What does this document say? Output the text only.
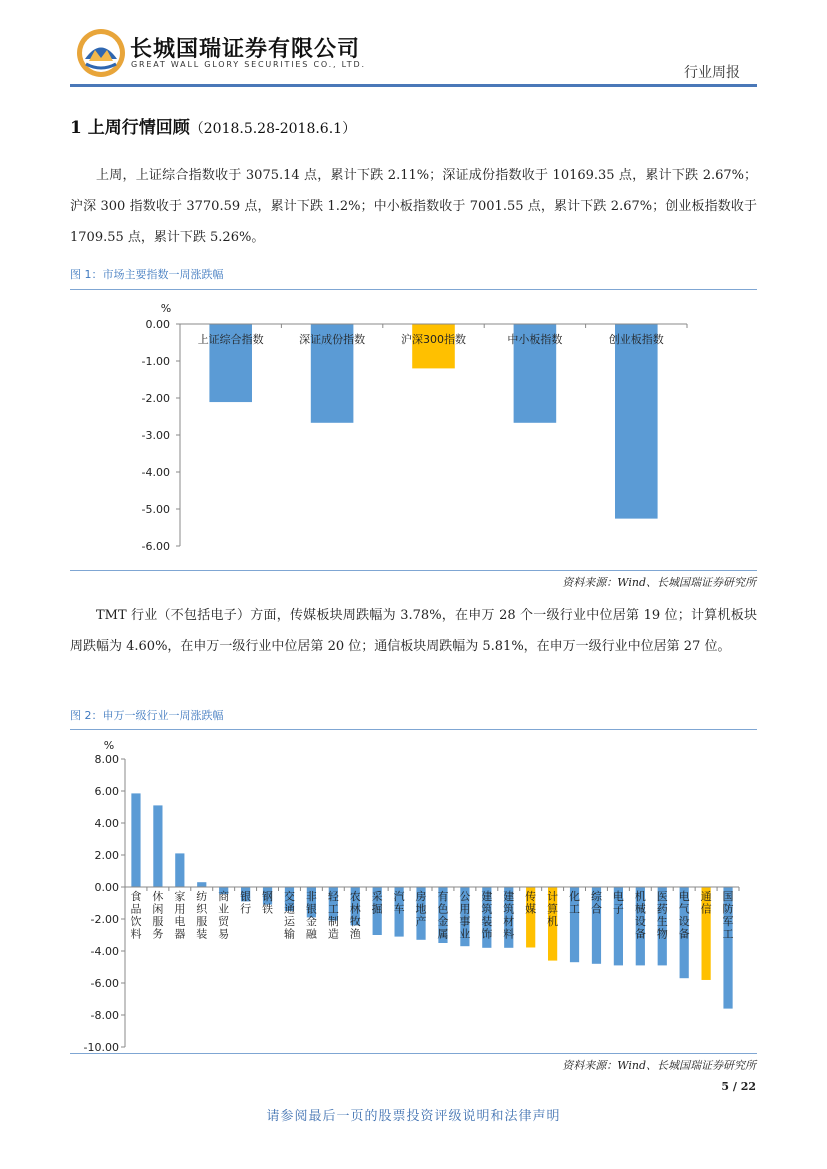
长城国瑞证券有限公司
GREAT WALL GLORY SECURITIES CO., LTD.
行业周报
1 上周行情回顾（2018.5.28-2018.6.1）
上周，上证综合指数收于 3075.14 点，累计下跌 2.11%；深证成份指数收于 10169.35 点，累计下跌 2.67%；沪深 300 指数收于 3770.59 点，累计下跌 1.2%；中小板指数收于 7001.55 点，累计下跌 2.67%；创业板指数收于 1709.55 点，累计下跌 5.26%。
图 1：市场主要指数一周涨跌幅
%
0.00
-1.00
-2.00
-3.00
-4.00
-5.00
-6.00
上证综合指数	深证成份指数	沪深300指数	中小板指数	创业板指数
资料来源：Wind、长城国瑞证券研究所
TMT 行业（不包括电子）方面，传媒板块周跌幅为 3.78%，在申万 28 个一级行业中位居第 19 位；计算机板块周跌幅为 4.60%，在申万一级行业中位居第 20 位；通信板块周跌幅为 5.81%，在申万一级行业中位居第 27 位。
图 2：申万一级行业一周涨跌幅
%
8.00
6.00
4.00
2.00
0.00
-2.00
-4.00
-6.00
-8.00
-10.00
食品饮料
休闲服务
家用电器
纺织服装
商业贸易
银行
钢铁
交通运输
非银金融
轻工制造
农林牧渔
采掘
汽车
房地产
有色金属
公用事业
建筑装饰
建筑材料
传媒
计算机
化工
综合
电子
机械设备
医药生物
电气设备
通信
国防军工
资料来源：Wind、长城国瑞证券研究所
5 / 22
请参阅最后一页的股票投资评级说明和法律声明
